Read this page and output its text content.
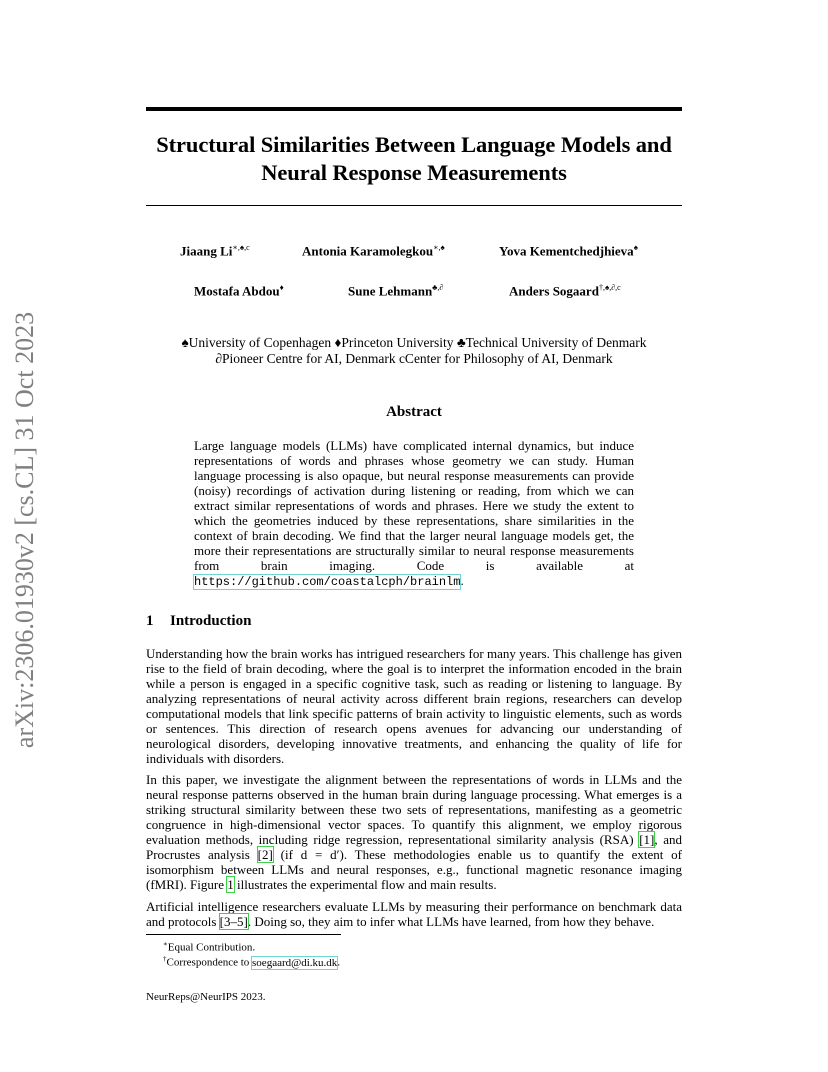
arXiv:2306.01930v2 [cs.CL] 31 Oct 2023
Structural Similarities Between Language Models and
Neural Response Measurements
Jiaang $Li^{∗,♠,c}$	Antonia Karamolegkou∗,♠	Yova Kementchedjhieva♠
Mostafa Abdou♦	Sune Lehmann♣,∂	Anders Sogaard$^{\dagger,♠,\partial,c}$
♠University of Copenhagen ♦Princeton University ♣Technical University of Denmark
∂Pioneer Centre for AI, Denmark cCenter for Philosophy of AI, Denmark
Abstract
Large language models (LLMs) have complicated internal dynamics, but induce representations of words and phrases whose geometry we can study. Human language processing is also opaque, but neural response measurements can provide (noisy) recordings of activation during listening or reading, from which we can extract similar representations of words and phrases. Here we study the extent to which the geometries induced by these representations, share similarities in the context of brain decoding. We find that the larger neural language models get, the more their representations are structurally similar to neural response measurements from brain imaging. Code is available at https://github.com/coastalcph/brainlm.
1 Introduction

Understanding how the brain works has intrigued researchers for many years. This challenge has given rise to the field of brain decoding, where the goal is to interpret the information encoded in the brain while a person is engaged in a specific cognitive task, such as reading or listening to language. By analyzing representations of neural activity across different brain regions, researchers can develop computational models that link specific patterns of brain activity to linguistic elements, such as words or sentences. This direction of research opens avenues for advancing our understanding of neurological disorders, developing innovative treatments, and enhancing the quality of life for individuals with disorders.

In this paper, we investigate the alignment between the representations of words in LLMs and the neural response patterns observed in the human brain during language processing. What emerges is a striking structural similarity between these two sets of representations, manifesting as a geometric congruence in high-dimensional vector spaces. To quantify this alignment, we employ rigorous evaluation methods, including ridge regression, representational similarity analysis (RSA) [1], and Procrustes analysis [2] (if d = d′). These methodologies enable us to quantify the extent of isomorphism between LLMs and neural responses, e.g., functional magnetic resonance imaging (fMRI). Figure 1 illustrates the experimental flow and main results.

Artificial intelligence researchers evaluate LLMs by measuring their performance on benchmark data and protocols [3–5]. Doing so, they aim to infer what LLMs have learned, from how they behave.

∗Equal Contribution.
†Correspondence to soegaard@di.ku.dk.
NeurReps@NeurIPS 2023.
